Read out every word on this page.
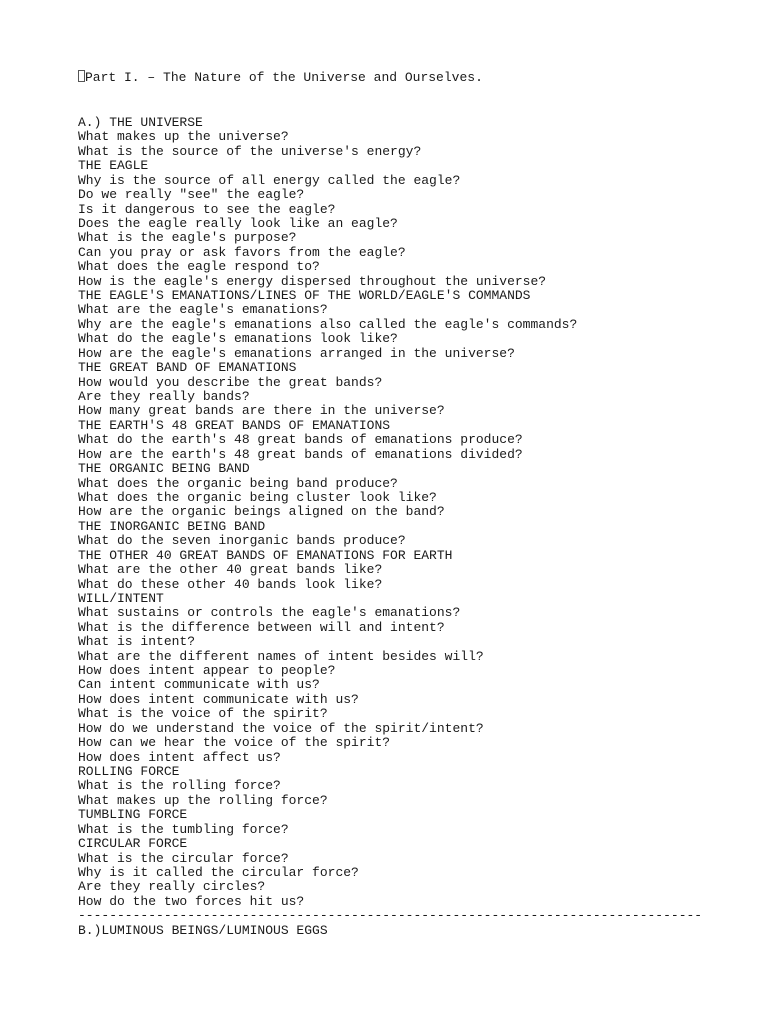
Part I. – The Nature of the Universe and Ourselves.
A.) THE UNIVERSE
What makes up the universe?
What is the source of the universe's energy?
THE EAGLE
Why is the source of all energy called the eagle?
Do we really "see" the eagle?
Is it dangerous to see the eagle?
Does the eagle really look like an eagle?
What is the eagle's purpose?
Can you pray or ask favors from the eagle?
What does the eagle respond to?
How is the eagle's energy dispersed throughout the universe?
THE EAGLE'S EMANATIONS/LINES OF THE WORLD/EAGLE'S COMMANDS
What are the eagle's emanations?
Why are the eagle's emanations also called the eagle's commands?
What do the eagle's emanations look like?
How are the eagle's emanations arranged in the universe?
THE GREAT BAND OF EMANATIONS
How would you describe the great bands?
Are they really bands?
How many great bands are there in the universe?
THE EARTH'S 48 GREAT BANDS OF EMANATIONS
What do the earth's 48 great bands of emanations produce?
How are the earth's 48 great bands of emanations divided?
THE ORGANIC BEING BAND
What does the organic being band produce?
What does the organic being cluster look like?
How are the organic beings aligned on the band?
THE INORGANIC BEING BAND
What do the seven inorganic bands produce?
THE OTHER 40 GREAT BANDS OF EMANATIONS FOR EARTH
What are the other 40 great bands like?
What do these other 40 bands look like?
WILL/INTENT
What sustains or controls the eagle's emanations?
What is the difference between will and intent?
What is intent?
What are the different names of intent besides will?
How does intent appear to people?
Can intent communicate with us?
How does intent communicate with us?
What is the voice of the spirit?
How do we understand the voice of the spirit/intent?
How can we hear the voice of the spirit?
How does intent affect us?
ROLLING FORCE
What is the rolling force?
What makes up the rolling force?
TUMBLING FORCE
What is the tumbling force?
CIRCULAR FORCE
What is the circular force?
Why is it called the circular force?
Are they really circles?
How do the two forces hit us?
--------------------------------------------------------------------------------
B.)LUMINOUS BEINGS/LUMINOUS EGGS
